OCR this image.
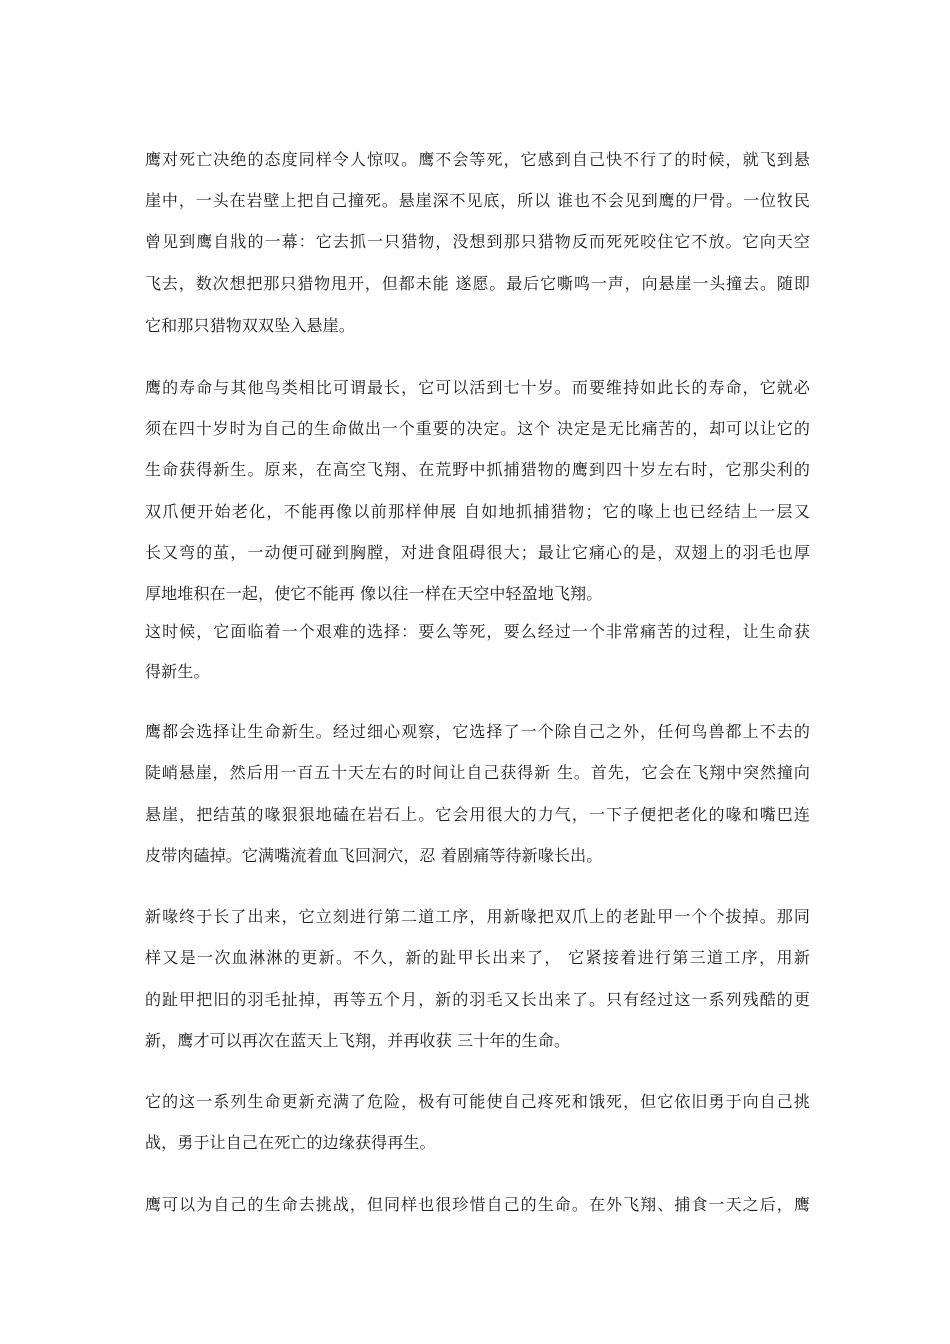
鹰对死亡决绝的态度同样令人惊叹。鹰不会等死，它感到自己快不行了的时候，就飞到悬
崖中，一头在岩壁上把自己撞死。悬崖深不见底，所以 谁也不会见到鹰的尸骨。一位牧民
曾见到鹰自戕的一幕：它去抓一只猎物，没想到那只猎物反而死死咬住它不放。它向天空
飞去，数次想把那只猎物甩开，但都未能 遂愿。最后它嘶鸣一声，向悬崖一头撞去。随即
它和那只猎物双双坠入悬崖。
鹰的寿命与其他鸟类相比可谓最长，它可以活到七十岁。而要维持如此长的寿命，它就必
须在四十岁时为自己的生命做出一个重要的决定。这个 决定是无比痛苦的，却可以让它的
生命获得新生。原来，在高空飞翔、在荒野中抓捕猎物的鹰到四十岁左右时，它那尖利的
双爪便开始老化，不能再像以前那样伸展 自如地抓捕猎物；它的喙上也已经结上一层又
长又弯的茧，一动便可碰到胸膛，对进食阻碍很大；最让它痛心的是，双翅上的羽毛也厚
厚地堆积在一起，使它不能再 像以往一样在天空中轻盈地飞翔。
这时候，它面临着一个艰难的选择：要么等死，要么经过一个非常痛苦的过程，让生命获
得新生。
鹰都会选择让生命新生。经过细心观察，它选择了一个除自己之外，任何鸟兽都上不去的
陡峭悬崖，然后用一百五十天左右的时间让自己获得新 生。首先，它会在飞翔中突然撞向
悬崖，把结茧的喙狠狠地磕在岩石上。它会用很大的力气，一下子便把老化的喙和嘴巴连
皮带肉磕掉。它满嘴流着血飞回洞穴，忍 着剧痛等待新喙长出。
新喙终于长了出来，它立刻进行第二道工序，用新喙把双爪上的老趾甲一个个拔掉。那同
样又是一次血淋淋的更新。不久，新的趾甲长出来了， 它紧接着进行第三道工序，用新
的趾甲把旧的羽毛扯掉，再等五个月，新的羽毛又长出来了。只有经过这一系列残酷的更
新，鹰才可以再次在蓝天上飞翔，并再收获 三十年的生命。
它的这一系列生命更新充满了危险，极有可能使自己疼死和饿死，但它依旧勇于向自己挑
战，勇于让自己在死亡的边缘获得再生。
鹰可以为自己的生命去挑战，但同样也很珍惜自己的生命。在外飞翔、捕食一天之后，鹰
